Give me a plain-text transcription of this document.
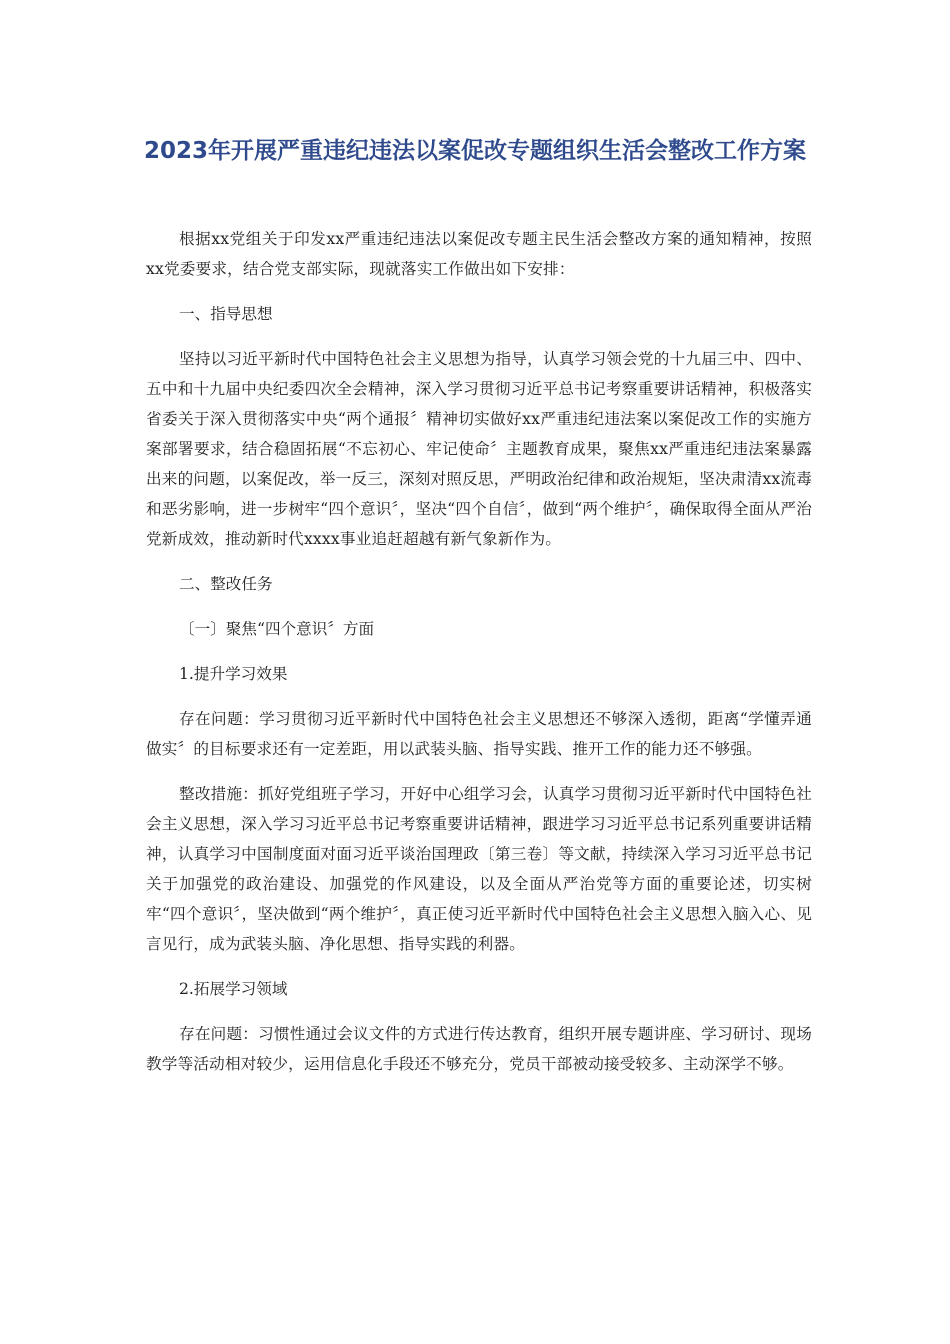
2023年开展严重违纪违法以案促改专题组织生活会整改工作方案

根据xx党组关于印发xx严重违纪违法以案促改专题主民生活会整改方案的通知精神，按照xx党委要求，结合党支部实际，现就落实工作做出如下安排：

一、指导思想

坚持以习近平新时代中国特色社会主义思想为指导，认真学习领会党的十九届三中、四中、五中和十九届中央纪委四次全会精神，深入学习贯彻习近平总书记考察重要讲话精神，积极落实省委关于深入贯彻落实中央“两个通报〞精神切实做好xx严重违纪违法案以案促改工作的实施方案部署要求，结合稳固拓展“不忘初心、牢记使命〞主题教育成果，聚焦xx严重违纪违法案暴露出来的问题，以案促改，举一反三，深刻对照反思，严明政治纪律和政治规矩，坚决肃清xx流毒和恶劣影响，进一步树牢“四个意识〞，坚决“四个自信〞，做到“两个维护〞，确保取得全面从严治党新成效，推动新时代xxxx事业追赶超越有新气象新作为。

二、整改任务

〔一〕聚焦“四个意识〞方面

1.提升学习效果

存在问题：学习贯彻习近平新时代中国特色社会主义思想还不够深入透彻，距离“学懂弄通做实〞的目标要求还有一定差距，用以武装头脑、指导实践、推开工作的能力还不够强。

整改措施：抓好党组班子学习，开好中心组学习会，认真学习贯彻习近平新时代中国特色社会主义思想，深入学习习近平总书记考察重要讲话精神，跟进学习习近平总书记系列重要讲话精神，认真学习中国制度面对面习近平谈治国理政〔第三卷〕等文献，持续深入学习习近平总书记关于加强党的政治建设、加强党的作风建设，以及全面从严治党等方面的重要论述，切实树牢“四个意识〞，坚决做到“两个维护〞，真正使习近平新时代中国特色社会主义思想入脑入心、见言见行，成为武装头脑、净化思想、指导实践的利器。

2.拓展学习领域

存在问题：习惯性通过会议文件的方式进行传达教育，组织开展专题讲座、学习研讨、现场教学等活动相对较少，运用信息化手段还不够充分，党员干部被动接受较多、主动深学不够。
